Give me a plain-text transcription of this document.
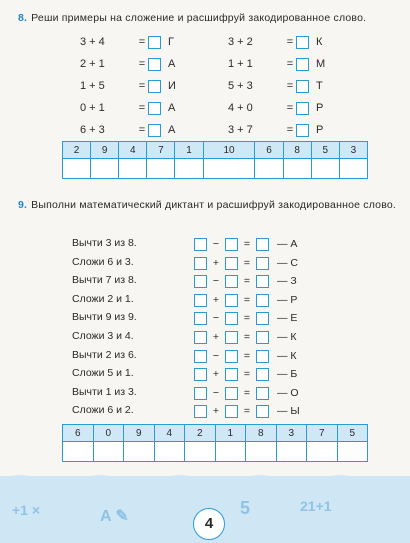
8. Реши примеры на сложение и расшифруй закодированное слово.
3 + 4	= Г
2 + 1	= А
1 + 5	= И
0 + 1	= А
6 + 3	= А
3 + 2	= К
1 + 1	= М
5 + 3	= Т
4 + 0	= Р
3 + 7	= Р
2	9	4	7	1	10	6	8	5	3

9. Выполни математический диктант и расшифруй закодированное слово.
Вычти 3 из 8.	− =	— А
Сложи 6 и 3.	+ =	— С
Вычти 7 из 8.	− =	— З
Сложи 2 и 1.	+ =	— Р
Вычти 9 из 9.	− =	— Е
Сложи 3 и 4.	+ =	— К
Вычти 2 из 6.	− =	— К
Сложи 5 и 1.	+ =	— Б
Вычти 1 из 3.	− =	— О
Сложи 6 и 2.	+ =	— Ы
6	0	9	4	2	1	8	3	7	5

+1 ×	21+1
A ✎	5
4
